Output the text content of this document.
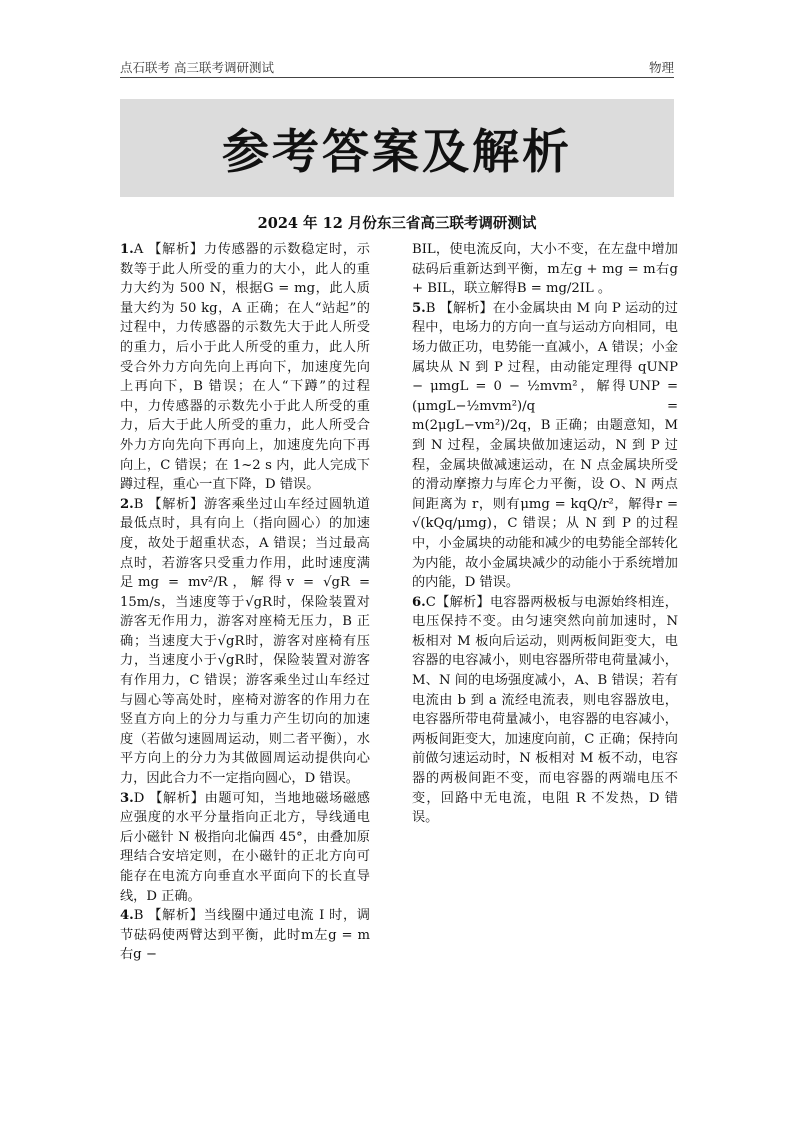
点石联考 高三联考调研测试	物理
参考答案及解析
2024 年 12 月份东三省高三联考调研测试

1.A 【解析】力传感器的示数稳定时，示数等于此人所受的重力的大小，此人的重力大约为 500 N，根据G = mg，此人质量大约为 50 kg，A 正确；在人“站起”的过程中，力传感器的示数先大于此人所受的重力，后小于此人所受的重力，此人所受合外力方向先向上再向下，加速度先向上再向下，B 错误；在人“下蹲”的过程中，力传感器的示数先小于此人所受的重力，后大于此人所受的重力，此人所受合外力方向先向下再向上，加速度先向下再向上，C 错误；在 1~2 s 内，此人完成下蹲过程，重心一直下降，D 错误。

2.B 【解析】游客乘坐过山车经过圆轨道最低点时，具有向上（指向圆心）的加速度，故处于超重状态，A 错误；当过最高点时，若游客只受重力作用，此时速度满足mg = mv²/R，解得v = √gR = 15m/s，当速度等于√gR时，保险装置对游客无作用力，游客对座椅无压力，B 正确；当速度大于√gR时，游客对座椅有压力，当速度小于√gR时，保险装置对游客有作用力，C 错误；游客乘坐过山车经过与圆心等高处时，座椅对游客的作用力在竖直方向上的分力与重力产生切向的加速度（若做匀速圆周运动，则二者平衡），水平方向上的分力为其做圆周运动提供向心力，因此合力不一定指向圆心，D 错误。

3.D 【解析】由题可知，当地地磁场磁感应强度的水平分量指向正北方，导线通电后小磁针 N 极指向北偏西 45°，由叠加原理结合安培定则，在小磁针的正北方向可能存在电流方向垂直水平面向下的长直导线，D 正确。

4.B 【解析】当线圈中通过电流 I 时，调节砝码使两臂达到平衡，此时m左g = m右g −

BIL，使电流反向，大小不变，在左盘中增加砝码后重新达到平衡，m左g + mg = m右g + BIL，联立解得B = mg/2IL 。

5.B 【解析】在小金属块由 M 向 P 运动的过程中，电场力的方向一直与运动方向相同，电场力做正功，电势能一直减小，A 错误；小金属块从 N 到 P 过程，由动能定理得 qUNP − μmgL = 0 − ½mvm²，解得UNP = (μmgL−½mvm²)/q = m(2μgL−vm²)/2q，B 正确；由题意知，M 到 N 过程，金属块做加速运动，N 到 P 过程，金属块做减速运动，在 N 点金属块所受的滑动摩擦力与库仑力平衡，设 O、N 两点间距离为 r，则有μmg = kqQ/r²，解得r = √(kQq/μmg)，C 错误；从 N 到 P 的过程中，小金属块的动能和减少的电势能全部转化为内能，故小金属块减少的动能小于系统增加的内能，D 错误。

6.C【解析】电容器两极板与电源始终相连，电压保持不变。由匀速突然向前加速时，N 板相对 M 板向后运动，则两板间距变大，电容器的电容减小，则电容器所带电荷量减小，M、N 间的电场强度减小，A、B 错误；若有电流由 b 到 a 流经电流表，则电容器放电，电容器所带电荷量减小，电容器的电容减小，两板间距变大，加速度向前，C 正确；保持向前做匀速运动时，N 板相对 M 板不动，电容器的两极间距不变，而电容器的两端电压不变，回路中无电流，电阻 R 不发热，D 错误。
